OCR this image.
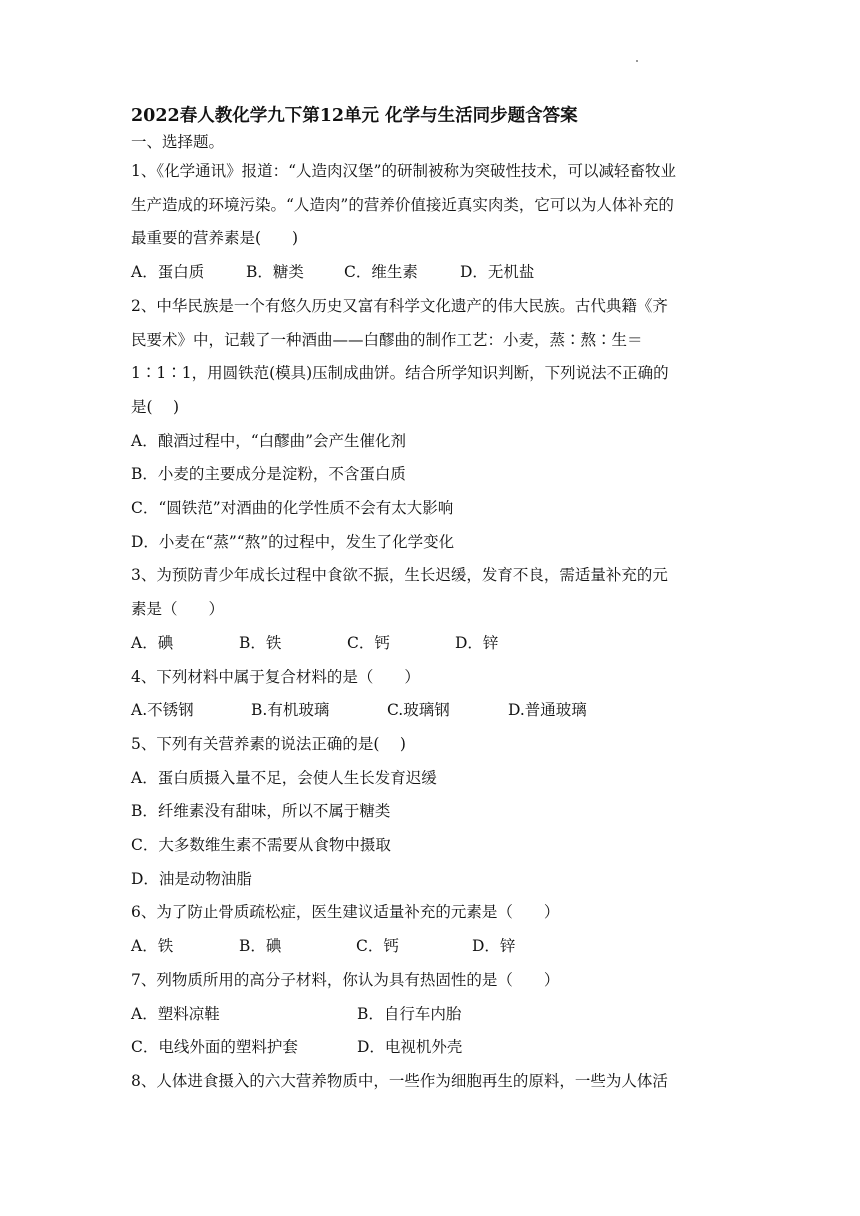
2022春人教化学九下第12单元 化学与生活同步题含答案
一、选择题。
1、《化学通讯》报道：“人造肉汉堡”的研制被称为突破性技术，可以减轻畜牧业
生产造成的环境污染。“人造肉”的营养价值接近真实肉类，它可以为人体补充的
最重要的营养素是(　　)
A．蛋白质	B．糖类	C．维生素	D．无机盐
2、中华民族是一个有悠久历史又富有科学文化遗产的伟大民族。古代典籍《齐
民要术》中，记载了一种酒曲——白醪曲的制作工艺：小麦，蒸∶熬∶生＝
1∶1∶1，用圆铁范(模具)压制成曲饼。结合所学知识判断，下列说法不正确的
是(　 )
A．酿酒过程中，“白醪曲”会产生催化剂
B．小麦的主要成分是淀粉，不含蛋白质
C．“圆铁范”对酒曲的化学性质不会有太大影响
D．小麦在“蒸”“熬”的过程中，发生了化学变化
3、为预防青少年成长过程中食欲不振，生长迟缓，发育不良，需适量补充的元
素是（　　）
A．碘	B．铁	C．钙	D．锌
4、下列材料中属于复合材料的是（　　）
A.不锈钢	B.有机玻璃	C.玻璃钢	D.普通玻璃
5、下列有关营养素的说法正确的是(　 )
A．蛋白质摄入量不足，会使人生长发育迟缓
B．纤维素没有甜味，所以不属于糖类
C．大多数维生素不需要从食物中摄取
D．油是动物油脂
6、为了防止骨质疏松症，医生建议适量补充的元素是（　　）
A．铁	B．碘	C．钙	D．锌
7、列物质所用的高分子材料，你认为具有热固性的是（　　）
A．塑料凉鞋	B．自行车内胎
C．电线外面的塑料护套	D．电视机外壳
8、人体进食摄入的六大营养物质中，一些作为细胞再生的原料，一些为人体活
